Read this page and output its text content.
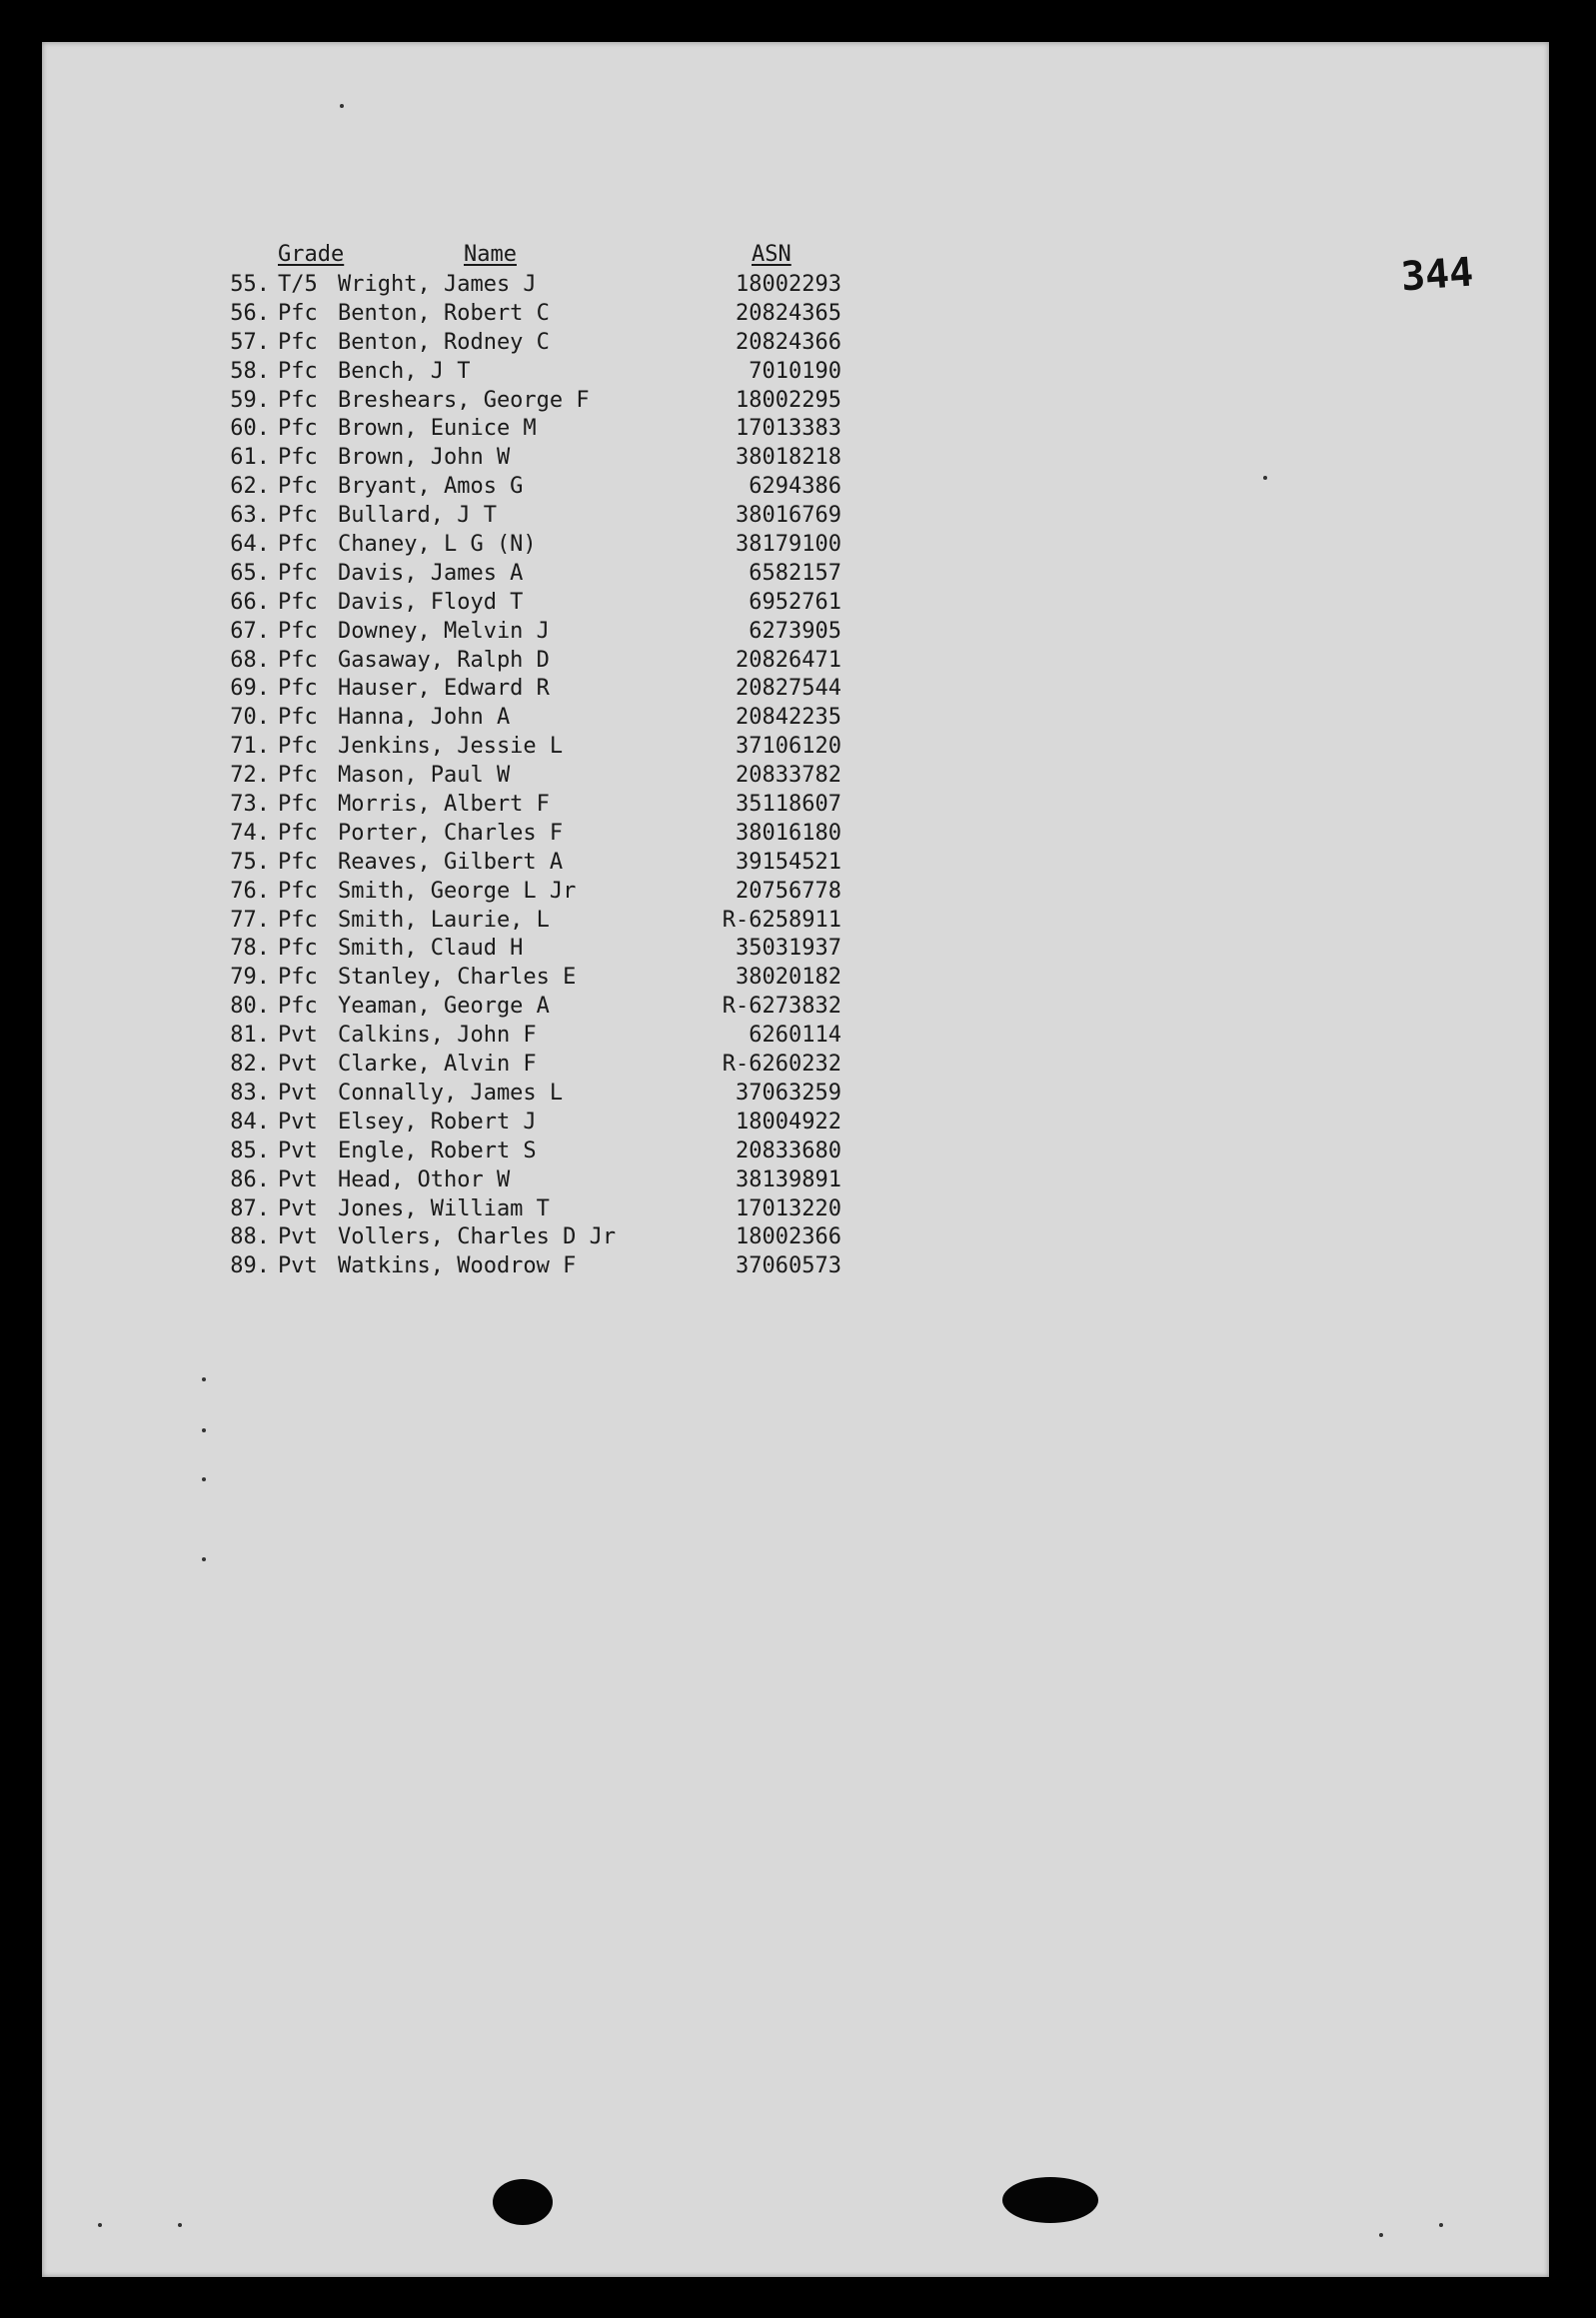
344
Grade	Name	ASN
55. T/5 Wright, James J	18002293
56. Pfc Benton, Robert C	20824365
57. Pfc Benton, Rodney C	20824366
58. Pfc Bench, J T	7010190
59. Pfc Breshears, George F	18002295
60. Pfc Brown, Eunice M	17013383
61. Pfc Brown, John W	38018218
62. Pfc Bryant, Amos G	6294386
63. Pfc Bullard, J T	38016769
64. Pfc Chaney, L G (N)	38179100
65. Pfc Davis, James A	6582157
66. Pfc Davis, Floyd T	6952761
67. Pfc Downey, Melvin J	6273905
68. Pfc Gasaway, Ralph D	20826471
69. Pfc Hauser, Edward R	20827544
70. Pfc Hanna, John A	20842235
71. Pfc Jenkins, Jessie L	37106120
72. Pfc Mason, Paul W	20833782
73. Pfc Morris, Albert F	35118607
74. Pfc Porter, Charles F	38016180
75. Pfc Reaves, Gilbert A	39154521
76. Pfc Smith, George L Jr	20756778
77. Pfc Smith, Laurie, L	R-6258911
78. Pfc Smith, Claud H	35031937
79. Pfc Stanley, Charles E	38020182
80. Pfc Yeaman, George A	R-6273832
81. Pvt Calkins, John F	6260114
82. Pvt Clarke, Alvin F	R-6260232
83. Pvt Connally, James L	37063259
84. Pvt Elsey, Robert J	18004922
85. Pvt Engle, Robert S	20833680
86. Pvt Head, Othor W	38139891
87. Pvt Jones, William T	17013220
88. Pvt Vollers, Charles D Jr	18002366
89. Pvt Watkins, Woodrow F	37060573
